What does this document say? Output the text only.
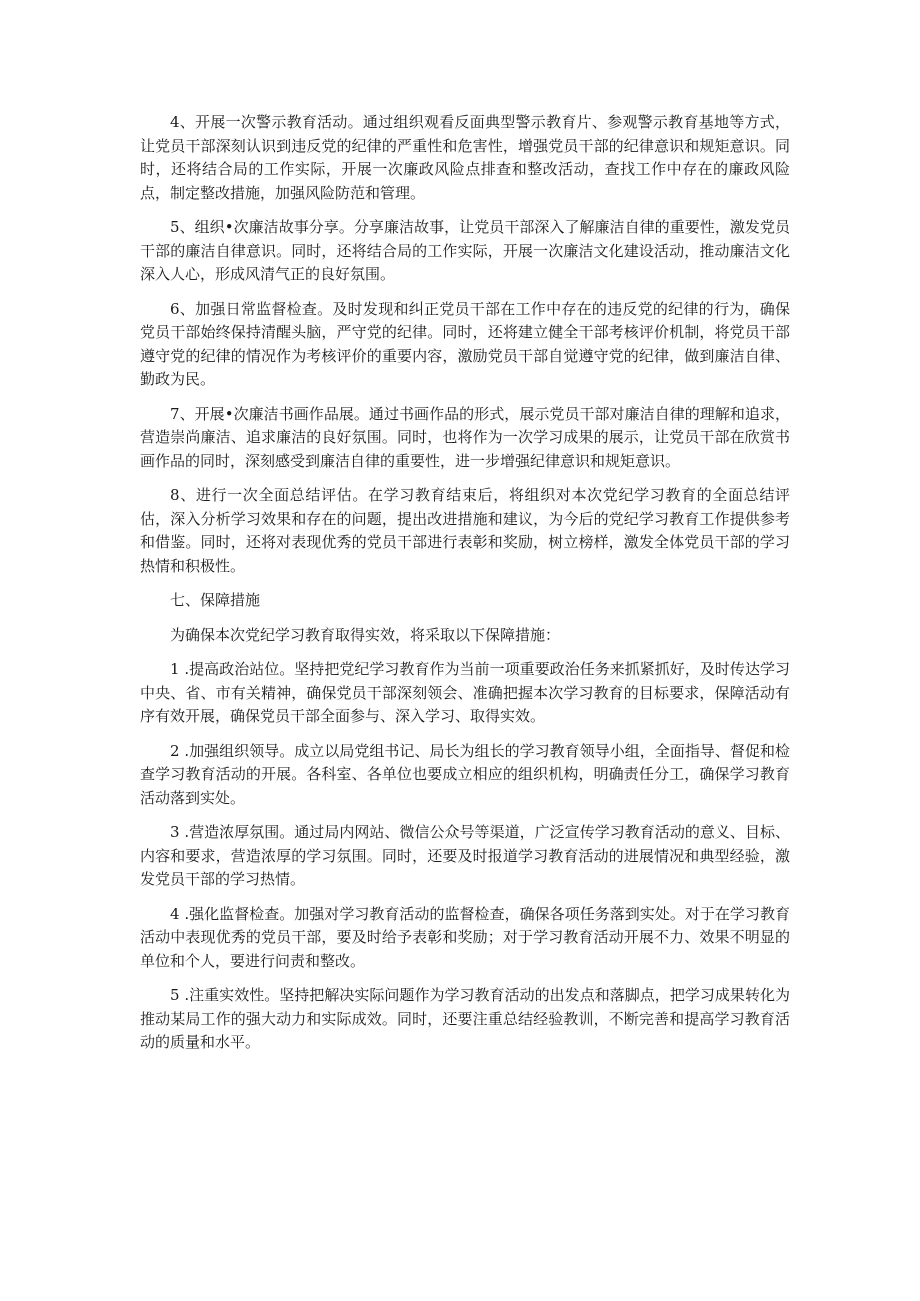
4、开展一次警示教育活动。通过组织观看反面典型警示教育片、参观警示教育基地等方式，让党员干部深刻认识到违反党的纪律的严重性和危害性，增强党员干部的纪律意识和规矩意识。同时，还将结合局的工作实际，开展一次廉政风险点排查和整改活动，查找工作中存在的廉政风险点，制定整改措施，加强风险防范和管理。

5、组织•次廉洁故事分享。分享廉洁故事，让党员干部深入了解廉洁自律的重要性，激发党员干部的廉洁自律意识。同时，还将结合局的工作实际，开展一次廉洁文化建设活动，推动廉洁文化深入人心，形成风清气正的良好氛围。

6、加强日常监督检查。及时发现和纠正党员干部在工作中存在的违反党的纪律的行为，确保党员干部始终保持清醒头脑，严守党的纪律。同时，还将建立健全干部考核评价机制，将党员干部遵守党的纪律的情况作为考核评价的重要内容，激励党员干部自觉遵守党的纪律，做到廉洁自律、勤政为民。

7、开展•次廉洁书画作品展。通过书画作品的形式，展示党员干部对廉洁自律的理解和追求，营造崇尚廉洁、追求廉洁的良好氛围。同时，也将作为一次学习成果的展示，让党员干部在欣赏书画作品的同时，深刻感受到廉洁自律的重要性，进一步增强纪律意识和规矩意识。

8、进行一次全面总结评估。在学习教育结束后，将组织对本次党纪学习教育的全面总结评估，深入分析学习效果和存在的问题，提出改进措施和建议，为今后的党纪学习教育工作提供参考和借鉴。同时，还将对表现优秀的党员干部进行表彰和奖励，树立榜样，激发全体党员干部的学习热情和积极性。

七、保障措施

为确保本次党纪学习教育取得实效，将采取以下保障措施：

1 .提高政治站位。坚持把党纪学习教育作为当前一项重要政治任务来抓紧抓好，及时传达学习中央、省、市有关精神，确保党员干部深刻领会、准确把握本次学习教育的目标要求，保障活动有序有效开展，确保党员干部全面参与、深入学习、取得实效。

2 .加强组织领导。成立以局党组书记、局长为组长的学习教育领导小组，全面指导、督促和检查学习教育活动的开展。各科室、各单位也要成立相应的组织机构，明确责任分工，确保学习教育活动落到实处。

3 .营造浓厚氛围。通过局内网站、微信公众号等渠道，广泛宣传学习教育活动的意义、目标、内容和要求，营造浓厚的学习氛围。同时，还要及时报道学习教育活动的进展情况和典型经验，激发党员干部的学习热情。

4 .强化监督检查。加强对学习教育活动的监督检查，确保各项任务落到实处。对于在学习教育活动中表现优秀的党员干部，要及时给予表彰和奖励；对于学习教育活动开展不力、效果不明显的单位和个人，要进行问责和整改。

5 .注重实效性。坚持把解决实际问题作为学习教育活动的出发点和落脚点，把学习成果转化为推动某局工作的强大动力和实际成效。同时，还要注重总结经验教训，不断完善和提高学习教育活动的质量和水平。
